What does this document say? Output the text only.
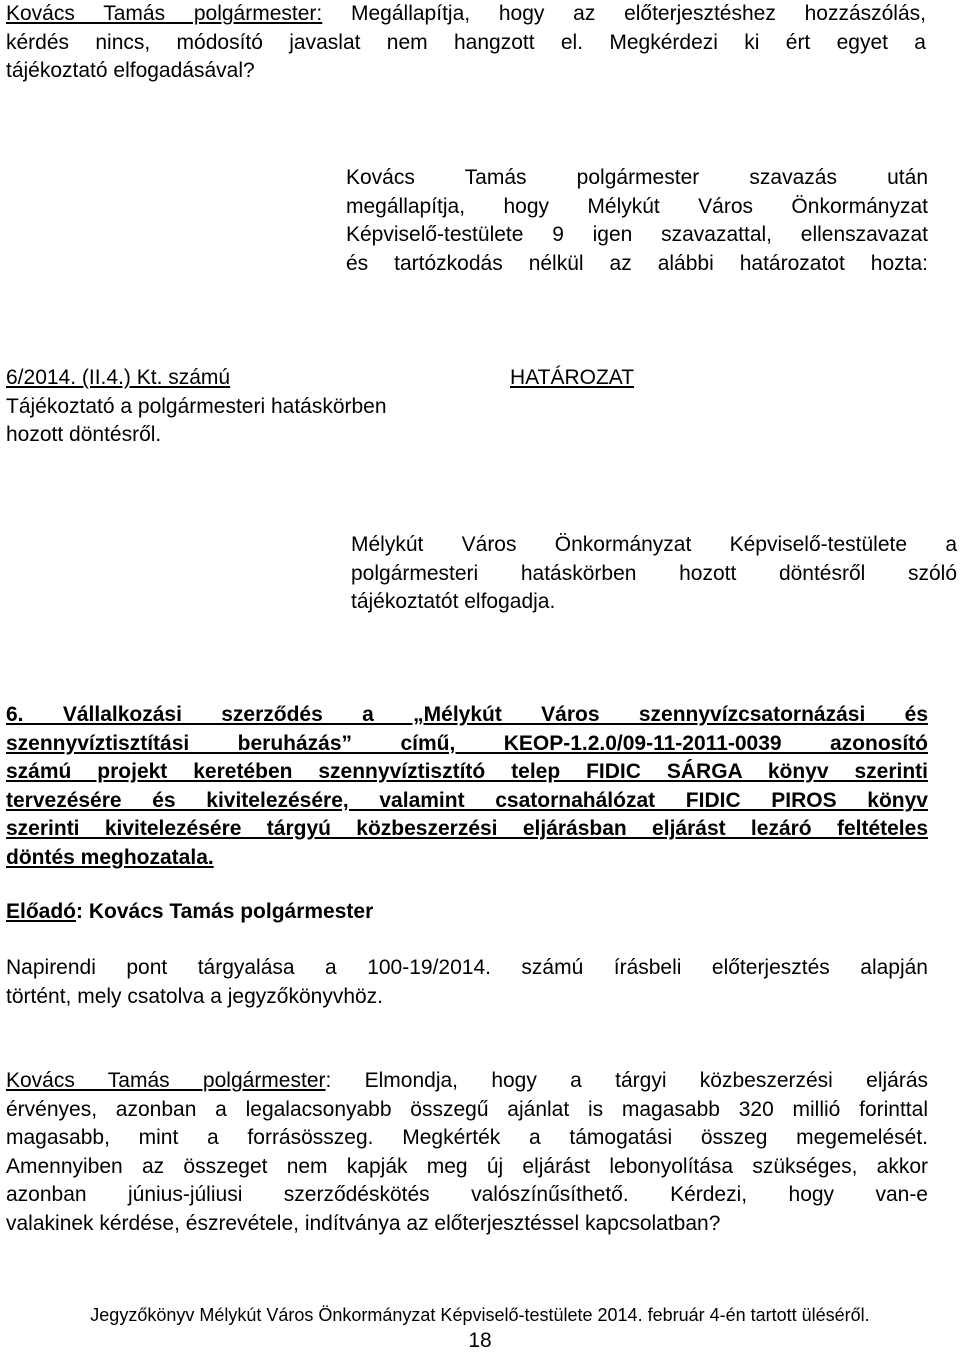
Kovács Tamás polgármester: Megállapítja, hogy az előterjesztéshez hozzászólás,
kérdés nincs, módosító javaslat nem hangzott el. Megkérdezi ki ért egyet a
tájékoztató elfogadásával?
Kovács Tamás polgármester szavazás után
megállapítja, hogy Mélykút Város Önkormányzat
Képviselő-testülete 9 igen szavazattal, ellenszavazat
és tartózkodás nélkül az alábbi határozatot hozta:
6/2014. (II.4.) Kt. számú
Tájékoztató a polgármesteri hatáskörben
hozott döntésről.
HATÁROZAT
Mélykút Város Önkormányzat Képviselő-testülete a
polgármesteri hatáskörben hozott döntésről szóló
tájékoztatót elfogadja.
6. Vállalkozási szerződés a „Mélykút Város szennyvízcsatornázási és
szennyvíztisztítási beruházás” című, KEOP-1.2.0/09-11-2011-0039 azonosító
számú projekt keretében szennyvíztisztító telep FIDIC SÁRGA könyv szerinti
tervezésére és kivitelezésére, valamint csatornahálózat FIDIC PIROS könyv
szerinti kivitelezésére tárgyú közbeszerzési eljárásban eljárást lezáró feltételes
döntés meghozatala.
Előadó: Kovács Tamás polgármester
Napirendi pont tárgyalása a 100-19/2014. számú írásbeli előterjesztés alapján
történt, mely csatolva a jegyzőkönyvhöz.
Kovács Tamás polgármester: Elmondja, hogy a tárgyi közbeszerzési eljárás
érvényes, azonban a legalacsonyabb összegű ajánlat is magasabb 320 millió forinttal
magasabb, mint a forrásösszeg. Megkérték a támogatási összeg megemelését.
Amennyiben az összeget nem kapják meg új eljárást lebonyolítása szükséges, akkor
azonban június-júliusi szerződéskötés valószínűsíthető. Kérdezi, hogy van-e
valakinek kérdése, észrevétele, indítványa az előterjesztéssel kapcsolatban?
Jegyzőkönyv Mélykút Város Önkormányzat Képviselő-testülete 2014. február 4-én tartott üléséről.
18
